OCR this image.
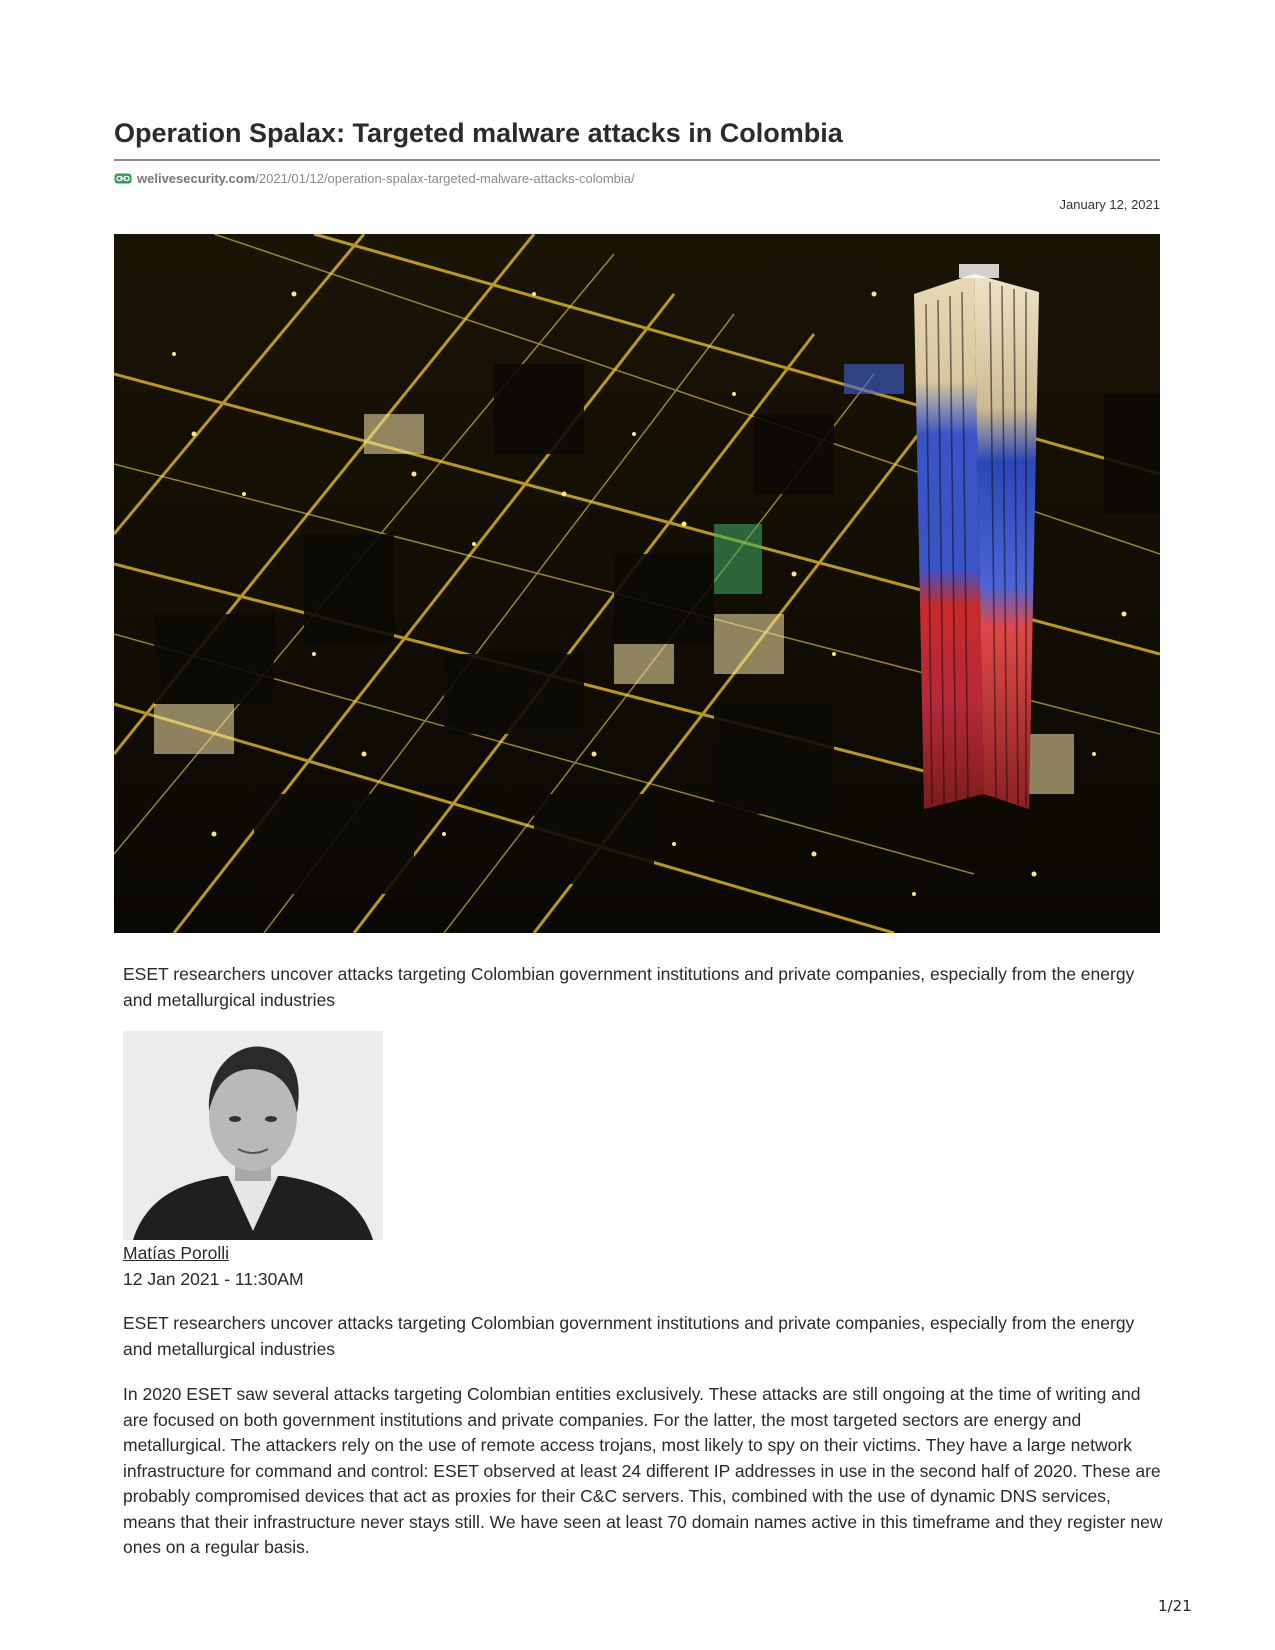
Operation Spalax: Targeted malware attacks in Colombia
welivesecurity.com /2021/01/12/operation-spalax-targeted-malware-attacks-colombia/
January 12, 2021

ESET researchers uncover attacks targeting Colombian government institutions and private companies, especially from the energy and metallurgical industries

Matías Porolli
12 Jan 2021 - 11:30AM

ESET researchers uncover attacks targeting Colombian government institutions and private companies, especially from the energy and metallurgical industries

In 2020 ESET saw several attacks targeting Colombian entities exclusively. These attacks are still ongoing at the time of writing and are focused on both government institutions and private companies. For the latter, the most targeted sectors are energy and metallurgical. The attackers rely on the use of remote access trojans, most likely to spy on their victims. They have a large network infrastructure for command and control: ESET observed at least 24 different IP addresses in use in the second half of 2020. These are probably compromised devices that act as proxies for their C&C servers. This, combined with the use of dynamic DNS services, means that their infrastructure never stays still. We have seen at least 70 domain names active in this timeframe and they register new ones on a regular basis.

1/21
